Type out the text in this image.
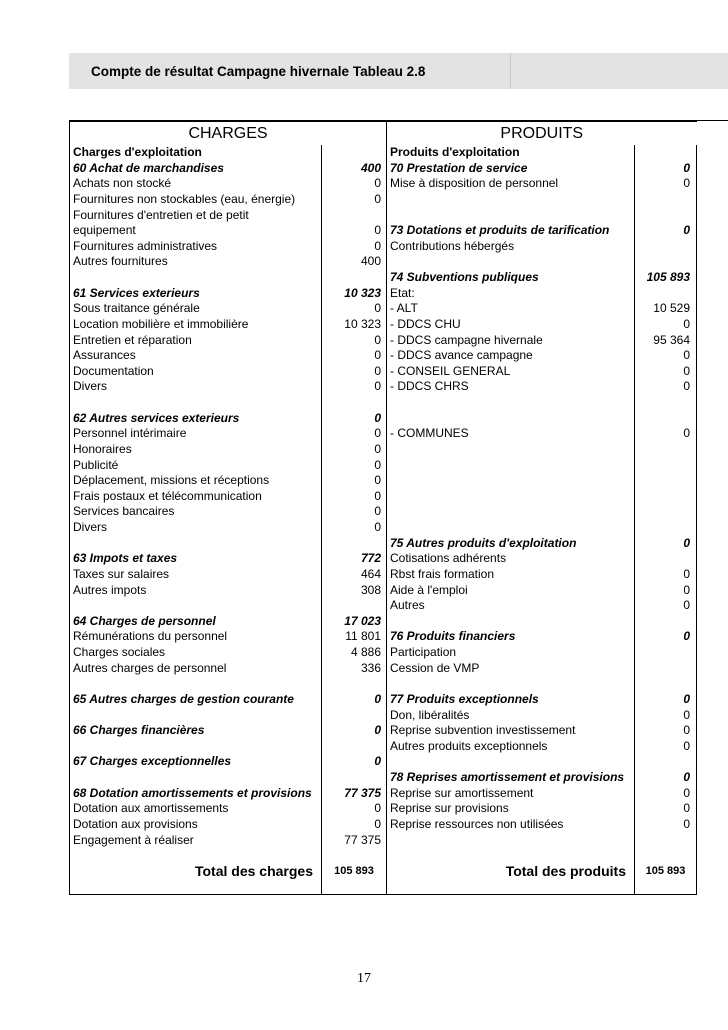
Compte de résultat Campagne hivernale Tableau 2.8
CHARGES		PRODUITS	
Charges d'exploitation		Produits d'exploitation	
60 Achat de marchandises	400	70 Prestation de service	0
Achats non stocké	0	Mise à disposition de personnel	0
Fournitures non stockables (eau, énergie)	0		
Fournitures d'entretien et de petit			
equipement	0	73 Dotations et produits de tarification	0
Fournitures administratives	0	Contributions hébergés	
Autres fournitures	400		
		74 Subventions publiques	105 893
61 Services exterieurs	10 323	Etat:	
Sous traitance générale	0	- ALT	10 529
Location mobilière et immobilière	10 323	- DDCS CHU	0
Entretien et réparation	0	- DDCS campagne hivernale	95 364
Assurances	0	- DDCS avance campagne	0
Documentation	0	- CONSEIL GENERAL	0
Divers	0	- DDCS CHRS	0

62 Autres services exterieurs	0		
Personnel intérimaire	0	- COMMUNES	0
Honoraires	0		
Publicité	0		
Déplacement, missions et réceptions	0		
Frais postaux et télécommunication	0		
Services bancaires	0		
Divers	0		
		75 Autres produits d'exploitation	0
63 Impots et taxes	772	Cotisations adhérents	
Taxes sur salaires	464	Rbst frais formation	0
Autres impots	308	Aide à l'emploi	0
		Autres	0
64 Charges de personnel	17 023		
Rémunérations du personnel	11 801	76 Produits financiers	0
Charges sociales	4 886	Participation	
Autres charges de personnel	336	Cession de VMP	

65 Autres charges de gestion courante	0	77 Produits exceptionnels	0
		Don, libéralités	0
66 Charges financières	0	Reprise subvention investissement	0
		Autres produits exceptionnels	0
67 Charges exceptionnelles	0		
		78 Reprises amortissement et provisions	0
68 Dotation amortissements et provisions	77 375	Reprise sur amortissement	0
Dotation aux amortissements	0	Reprise sur provisions	0
Dotation aux provisions	0	Reprise ressources non utilisées	0
Engagement à réaliser	77 375		
Total des charges	105 893	Total des produits	105 893
17
